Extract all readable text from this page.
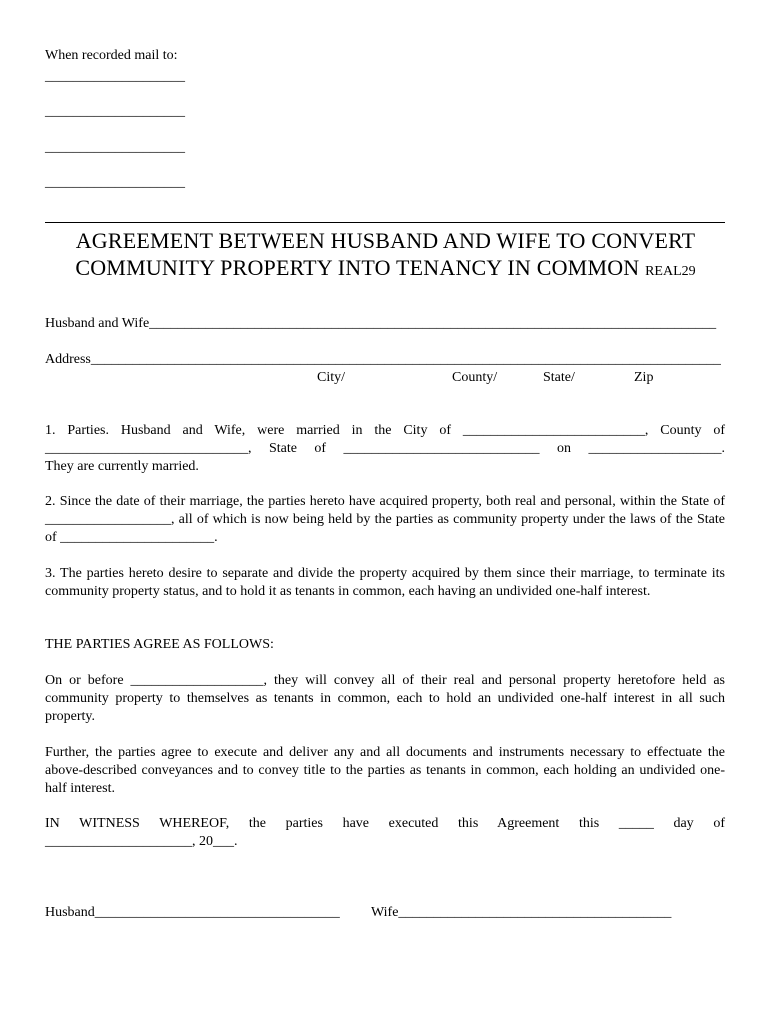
When recorded mail to:
____________________
____________________
____________________
____________________
AGREEMENT BETWEEN HUSBAND AND WIFE TO CONVERT
COMMUNITY PROPERTY INTO TENANCY IN COMMON REAL29
Husband and Wife_________________________________________________________________________________
Address__________________________________________________________________________________________
City/	County/	State/	Zip
1. Parties. Husband and Wife, were married in the City of __________________________, County of
_____________________________, State of ____________________________ on ___________________.
They are currently married.
2. Since the date of their marriage, the parties hereto have acquired property, both real and personal, within the State of __________________, all of which is now being held by the parties as community property under the laws of the State of ______________________.
3. The parties hereto desire to separate and divide the property acquired by them since their marriage, to terminate its community property status, and to hold it as tenants in common, each having an undivided one-half interest.
THE PARTIES AGREE AS FOLLOWS:
On or before ___________________, they will convey all of their real and personal property heretofore held as community property to themselves as tenants in common, each to hold an undivided one-half interest in all such property.
Further, the parties agree to execute and deliver any and all documents and instruments necessary to effectuate the above-described conveyances and to convey title to the parties as tenants in common, each holding an undivided one-half interest.
IN WITNESS WHEREOF, the parties have executed this Agreement this _____ day of
_____________________, 20___.
Husband___________________________________ Wife_______________________________________
